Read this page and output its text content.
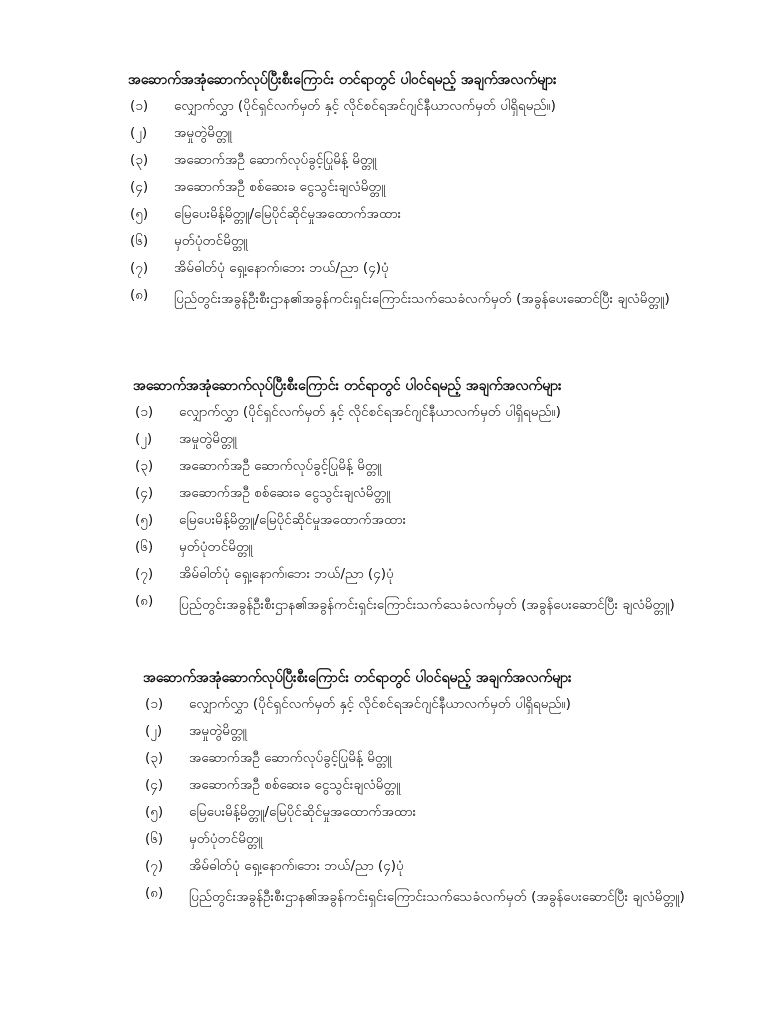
အဆောက်အအုံဆောက်လုပ်ပြီးစီးကြောင်း တင်ရာတွင် ပါဝင်ရမည့် အချက်အလက်များ
(၁)	လျှောက်လွှာ (ပိုင်ရှင်လက်မှတ် နှင့် လိုင်စင်ရအင်ဂျင်နီယာလက်မှတ် ပါရှိရမည်။)
(၂)	အမှုတွဲမိတ္တူ
(၃)	အဆောက်အဦ ဆောက်လုပ်ခွင့်ပြုမိန့် မိတ္တူ
(၄)	အဆောက်အဦ စစ်ဆေးခ ငွေသွင်းချလံမိတ္တူ
(၅)	မြေပေးမိန့်မိတ္တူ/မြေပိုင်ဆိုင်မှုအထောက်အထား
(၆)	မှတ်ပုံတင်မိတ္တူ
(၇)	အိမ်ဓါတ်ပုံ ရှေ့၊နောက်၊ဘေး ဘယ်/ညာ (၄)ပုံ
(၈)	ပြည်တွင်းအခွန်ဦးစီးဌာန၏အခွန်ကင်းရှင်းကြောင်းသက်သေခံလက်မှတ် (အခွန်ပေးဆောင်ပြီး ချလံမိတ္တူ)
အဆောက်အအုံဆောက်လုပ်ပြီးစီးကြောင်း တင်ရာတွင် ပါဝင်ရမည့် အချက်အလက်များ
(၁)	လျှောက်လွှာ (ပိုင်ရှင်လက်မှတ် နှင့် လိုင်စင်ရအင်ဂျင်နီယာလက်မှတ် ပါရှိရမည်။)
(၂)	အမှုတွဲမိတ္တူ
(၃)	အဆောက်အဦ ဆောက်လုပ်ခွင့်ပြုမိန့် မိတ္တူ
(၄)	အဆောက်အဦ စစ်ဆေးခ ငွေသွင်းချလံမိတ္တူ
(၅)	မြေပေးမိန့်မိတ္တူ/မြေပိုင်ဆိုင်မှုအထောက်အထား
(၆)	မှတ်ပုံတင်မိတ္တူ
(၇)	အိမ်ဓါတ်ပုံ ရှေ့၊နောက်၊ဘေး ဘယ်/ညာ (၄)ပုံ
(၈)	ပြည်တွင်းအခွန်ဦးစီးဌာန၏အခွန်ကင်းရှင်းကြောင်းသက်သေခံလက်မှတ် (အခွန်ပေးဆောင်ပြီး ချလံမိတ္တူ)
အဆောက်အအုံဆောက်လုပ်ပြီးစီးကြောင်း တင်ရာတွင် ပါဝင်ရမည့် အချက်အလက်များ
(၁)	လျှောက်လွှာ (ပိုင်ရှင်လက်မှတ် နှင့် လိုင်စင်ရအင်ဂျင်နီယာလက်မှတ် ပါရှိရမည်။)
(၂)	အမှုတွဲမိတ္တူ
(၃)	အဆောက်အဦ ဆောက်လုပ်ခွင့်ပြုမိန့် မိတ္တူ
(၄)	အဆောက်အဦ စစ်ဆေးခ ငွေသွင်းချလံမိတ္တူ
(၅)	မြေပေးမိန့်မိတ္တူ/မြေပိုင်ဆိုင်မှုအထောက်အထား
(၆)	မှတ်ပုံတင်မိတ္တူ
(၇)	အိမ်ဓါတ်ပုံ ရှေ့၊နောက်၊ဘေး ဘယ်/ညာ (၄)ပုံ
(၈)	ပြည်တွင်းအခွန်ဦးစီးဌာန၏အခွန်ကင်းရှင်းကြောင်းသက်သေခံလက်မှတ် (အခွန်ပေးဆောင်ပြီး ချလံမိတ္တူ)
